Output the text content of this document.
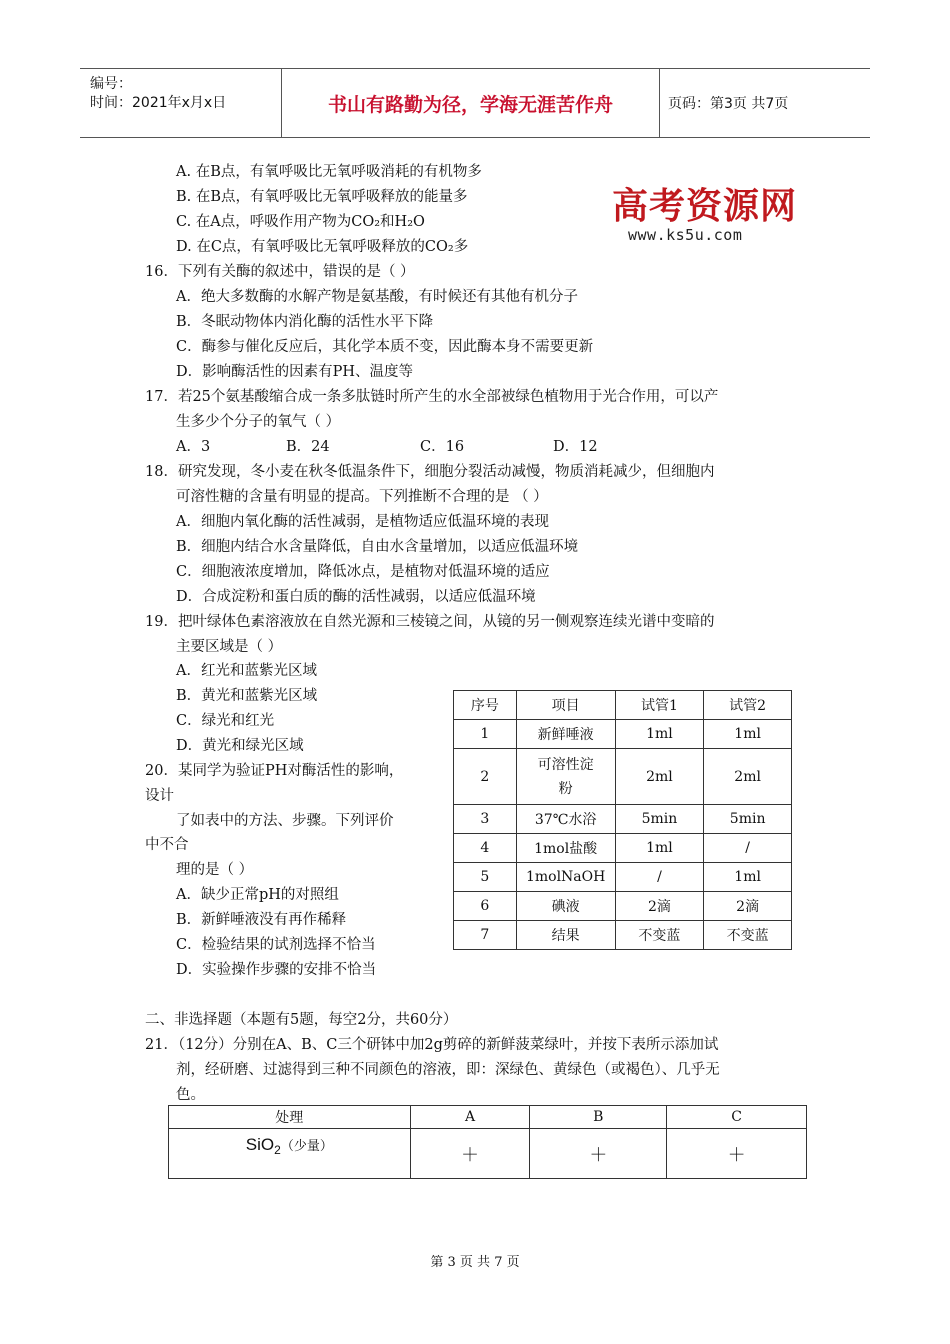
编号：
时间：2021年x月x日	书山有路勤为径，学海无涯苦作舟	页码：第3页 共7页
高考资源网
www.ks5u.com
A. 在B点，有氧呼吸比无氧呼吸消耗的有机物多
B. 在B点，有氧呼吸比无氧呼吸释放的能量多
C. 在A点，呼吸作用产物为CO₂和H₂O
D. 在C点，有氧呼吸比无氧呼吸释放的CO₂多
16．下列有关酶的叙述中，错误的是（ ）
A．绝大多数酶的水解产物是氨基酸，有时候还有其他有机分子
B．冬眠动物体内消化酶的活性水平下降
C．酶参与催化反应后，其化学本质不变，因此酶本身不需要更新
D．影响酶活性的因素有PH、温度等
17．若25个氨基酸缩合成一条多肽链时所产生的水全部被绿色植物用于光合作用，可以产
生多少个分子的氧气（ ）
A．3	B．24	C．16	D．12
18．研究发现，冬小麦在秋冬低温条件下，细胞分裂活动减慢，物质消耗减少，但细胞内
可溶性糖的含量有明显的提高。下列推断不合理的是 （ ）
A．细胞内氧化酶的活性减弱，是植物适应低温环境的表现
B．细胞内结合水含量降低，自由水含量增加，以适应低温环境
C．细胞液浓度增加，降低冰点，是植物对低温环境的适应
D．合成淀粉和蛋白质的酶的活性减弱，以适应低温环境
19．把叶绿体色素溶液放在自然光源和三棱镜之间，从镜的另一侧观察连续光谱中变暗的
主要区域是（ ）
A．红光和蓝紫光区域
B．黄光和蓝紫光区域
C．绿光和红光
D．黄光和绿光区域
20．某同学为验证PH对酶活性的影响，
设计
了如表中的方法、步骤。下列评价
中不合
理的是（ ）
A．缺少正常pH的对照组
B．新鲜唾液没有再作稀释
C．检验结果的试剂选择不恰当
D．实验操作步骤的安排不恰当
序号	项目	试管1	试管2
1	新鲜唾液	1ml	1ml
2	可溶性淀
粉	2ml	2ml
3	37℃水浴	5min	5min
4	1mol盐酸	1ml	/
5	1molNaOH	/	1ml
6	碘液	2滴	2滴
7	结果	不变蓝	不变蓝
二、非选择题（本题有5题，每空2分，共60分）
21．（12分）分别在A、B、C三个研钵中加2g剪碎的新鲜菠菜绿叶，并按下表所示添加试
剂，经研磨、过滤得到三种不同颜色的溶液，即：深绿色、黄绿色（或褐色）、几乎无
色。
处理	A	B	C
SiO$_2$（少量）	＋	＋	＋
第 3 页 共 7 页
